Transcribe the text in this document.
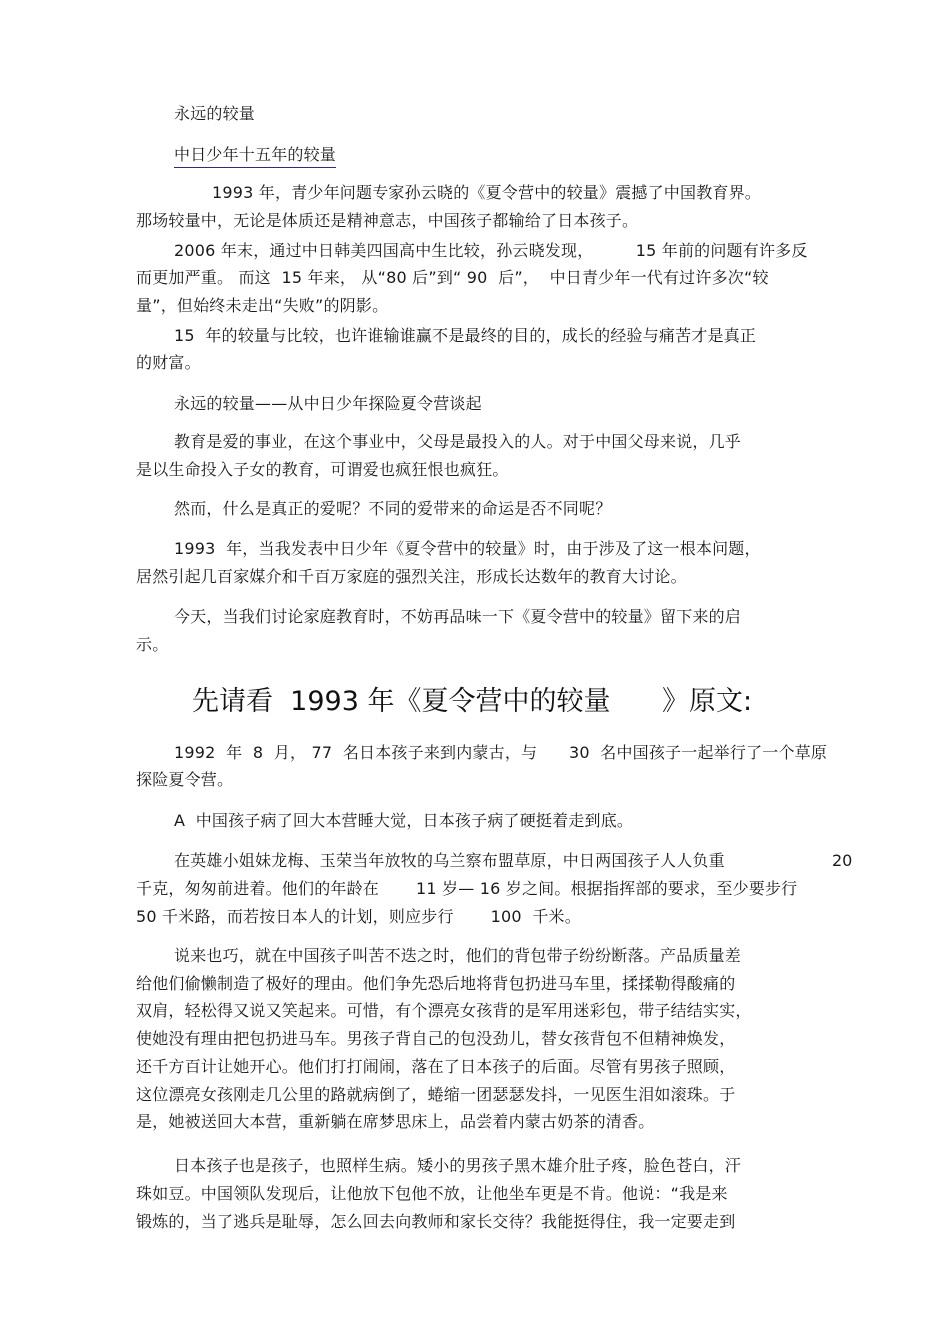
永远的较量
中日少年十五年的较量
1993 年，青少年问题专家孙云晓的《夏令营中的较量》震撼了中国教育界。
那场较量中，无论是体质还是精神意志，中国孩子都输给了日本孩子。
2006 年末，通过中日韩美四国高中生比较，孙云晓发现，        15 年前的问题有许多反
而更加严重。 而这  15 年来， 从“80 后”到“ 90  后”，  中日青少年一代有过许多次“较
量”，但始终未走出“失败”的阴影。
15  年的较量与比较，也许谁输谁赢不是最终的目的，成长的经验与痛苦才是真正
的财富。
永远的较量——从中日少年探险夏令营谈起
教育是爱的事业，在这个事业中，父母是最投入的人。对于中国父母来说，几乎
是以生命投入子女的教育，可谓爱也疯狂恨也疯狂。
然而，什么是真正的爱呢？不同的爱带来的命运是否不同呢？
1993  年，当我发表中日少年《夏令营中的较量》时，由于涉及了这一根本问题，
居然引起几百家媒介和千百万家庭的强烈关注，形成长达数年的教育大讨论。
今天，当我们讨论家庭教育时，不妨再品味一下《夏令营中的较量》留下来的启
示。
先请看  1993 年《夏令营中的较量      》原文:
1992  年  8  月， 77  名日本孩子来到内蒙古，与      30  名中国孩子一起举行了一个草原
探险夏令营。
A  中国孩子病了回大本营睡大觉，日本孩子病了硬挺着走到底。
在英雄小姐妹龙梅、玉荣当年放牧的乌兰察布盟草原，中日两国孩子人人负重	20
千克，匆匆前进着。他们的年龄在       11 岁— 16 岁之间。根据指挥部的要求，至少要步行
50 千米路，而若按日本人的计划，则应步行       100  千米。
说来也巧，就在中国孩子叫苦不迭之时，他们的背包带子纷纷断落。产品质量差
给他们偷懒制造了极好的理由。他们争先恐后地将背包扔进马车里，揉揉勒得酸痛的
双肩，轻松得又说又笑起来。可惜，有个漂亮女孩背的是军用迷彩包，带子结结实实，
使她没有理由把包扔进马车。男孩子背自己的包没劲儿，替女孩背包不但精神焕发，
还千方百计让她开心。他们打打闹闹，落在了日本孩子的后面。尽管有男孩子照顾，
这位漂亮女孩刚走几公里的路就病倒了，蜷缩一团瑟瑟发抖，一见医生泪如滚珠。于
是，她被送回大本营，重新躺在席梦思床上，品尝着内蒙古奶茶的清香。
日本孩子也是孩子，也照样生病。矮小的男孩子黑木雄介肚子疼，脸色苍白，汗
珠如豆。中国领队发现后，让他放下包他不放，让他坐车更是不肯。他说：“我是来
锻炼的，当了逃兵是耻辱，怎么回去向教师和家长交待？我能挺得住，我一定要走到
